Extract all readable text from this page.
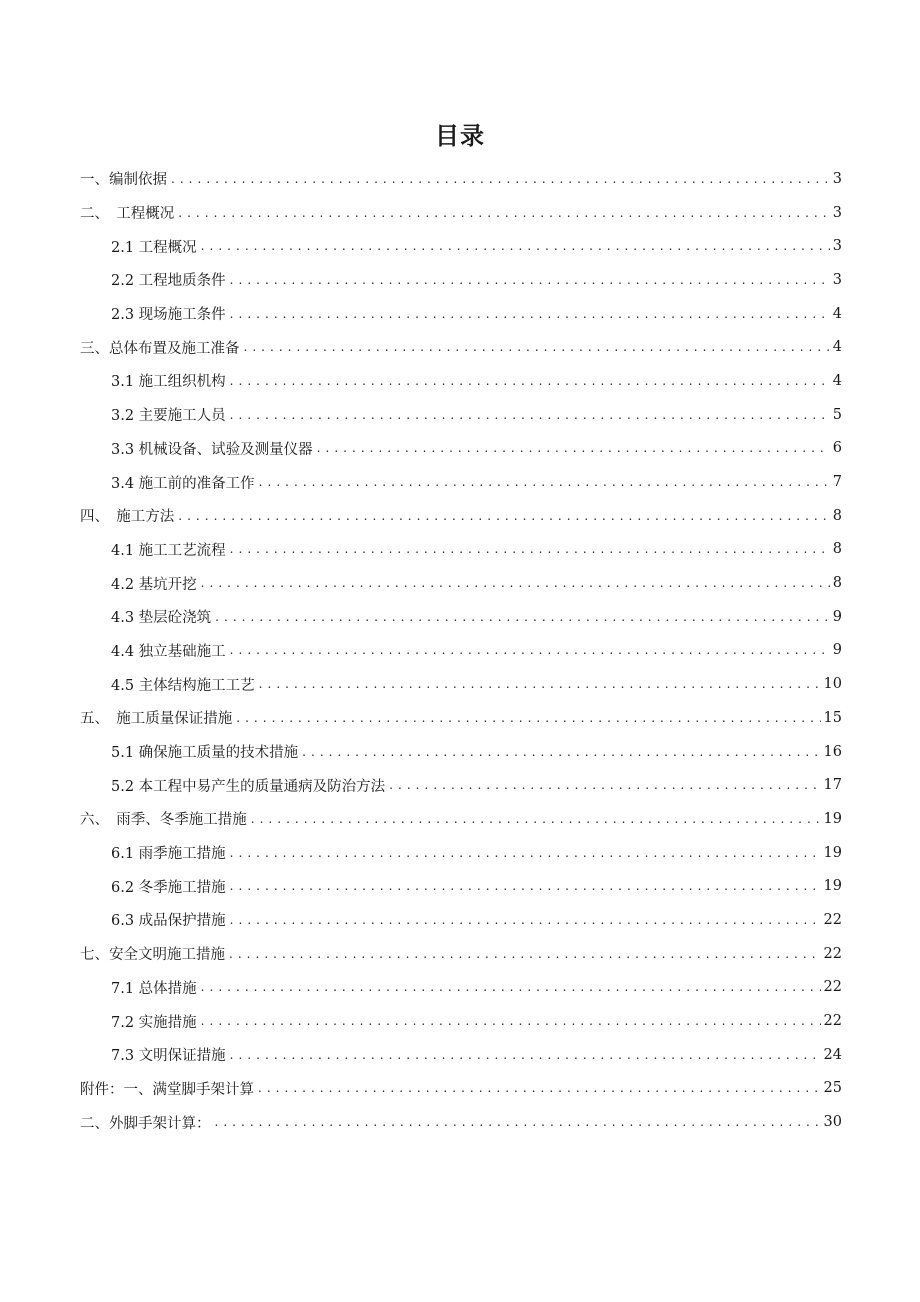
目录
一、编制依据 . . .	3
二、　工程概况 . . .	3
2.1 工程概况 . . .	3
2.2 工程地质条件 . . .	3
2.3 现场施工条件 . . .	4
三、总体布置及施工准备 . . .	4
3.1 施工组织机构 . . .	4
3.2 主要施工人员 . . .	5
3.3 机械设备、试验及测量仪器 . . .	6
3.4 施工前的准备工作 . . .	7
四、　施工方法 . . .	8
4.1 施工工艺流程 . . .	8
4.2 基坑开挖 . . .	8
4.3 垫层砼浇筑 . . .	9
4.4 独立基础施工 . . .	9
4.5 主体结构施工工艺 . . .	10
五、　施工质量保证措施 . . .	15
5.1 确保施工质量的技术措施 . . .	16
5.2 本工程中易产生的质量通病及防治方法 . . .	17
六、　雨季、冬季施工措施 . . .	19
6.1 雨季施工措施 . . .	19
6.2 冬季施工措施 . . .	19
6.3 成品保护措施 . . .	22
七、安全文明施工措施 . . .	22
7.1 总体措施 . . .	22
7.2 实施措施 . . .	22
7.3 文明保证措施 . . .	24
附件：一、满堂脚手架计算 . . .	25
二、外脚手架计算： . . .	30
